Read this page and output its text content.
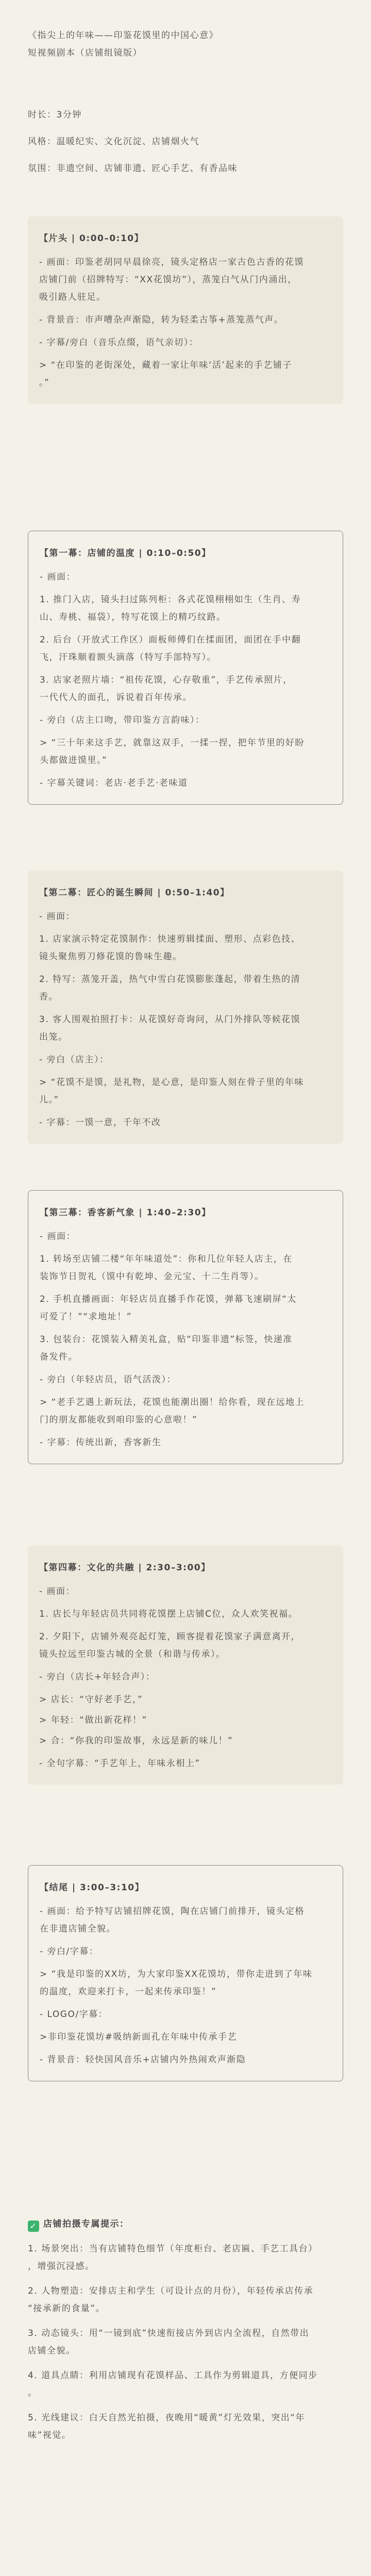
《指尖上的年味——印鉴花馍里的中国心意》

短视频剧本（店铺组镜版）

时长：3分钟

风格：温暖纪实、文化沉淀、店铺烟火气

氛围：非遗空间、店铺非遗、匠心手艺、有香品味

【片头 | 0:00–0:10】

- 画面：印鉴老胡同早晨徐亮，镜头定格店一家古色古香的花馍

店铺门前（招牌特写：“XX花馍坊”），蒸笼白气从门内涌出，

吸引路人驻足。

- 背景音：市声嘈杂声渐隐，转为轻柔古筝+蒸笼蒸气声。

- 字幕/旁白（音乐点缀，语气亲切）：

> “在印鉴的老街深处，藏着一家让年味‘活’起来的手艺铺子

。”

【第一幕：店铺的温度 | 0:10–0:50】

- 画面：

1. 推门入店，镜头扫过陈列柜：各式花馍栩栩如生（生肖、寿

山、寿桃、福袋），特写花馍上的精巧纹路。

2. 后台（开放式工作区）面板师傅们在揉面团，面团在手中翻

飞，汗珠顺着额头滴落（特写手部特写）。

3. 店家老照片墙：“祖传花馍，心存敬重”，手艺传承照片，

一代代人的面孔，诉说着百年传承。

- 旁白（店主口吻，带印鉴方言韵味）：

> “三十年来这手艺，就靠这双手，一揉一捏，把年节里的好盼

头都做进馍里。”

- 字幕关键词：老店·老手艺·老味道

【第二幕：匠心的诞生瞬间 | 0:50–1:40】

- 画面：

1. 店家演示特定花馍制作：快速剪辑揉面、塑形、点彩色技、

镜头聚焦剪刀修花馍的鲁味生趣。

2. 特写：蒸笼开盖，热气中雪白花馍膨胀蓬起，带着生热的清

香。

3. 客人围观拍照打卡：从花馍好奇询问，从门外排队等候花馍

出笼。

- 旁白（店主）：

> “花馍不是馍，是礼物，是心意，是印鉴人刻在骨子里的年味

儿。”

- 字幕：一馍一意，千年不改

【第三幕：香客新气象 | 1:40–2:30】

- 画面：

1. 转场至店铺二楼“年年味道处”：你和几位年轻人店主，在

装饰节日贺礼（馍中有乾坤、金元宝、十二生肖等）。

2. 手机直播画面：年轻店员直播手作花馍，弹幕飞速刷屏“太

可爱了！”“求地址！”

3. 包装台：花馍装入精美礼盒，贴“印鉴非遗”标签，快递准

备发件。

- 旁白（年轻店员，语气活泼）：

> “老手艺遇上新玩法，花馍也能潮出圈！给你看，现在远地上

门的朋友都能收到咱印鉴的心意啦！”

- 字幕：传统出新，香客新生

【第四幕：文化的共融 | 2:30–3:00】

- 画面：

1. 店长与年轻店员共同将花馍摆上店铺C位，众人欢笑祝福。

2. 夕阳下，店铺外观亮起灯笼，顾客提着花馍家子满意离开，

镜头拉远至印鉴古城的全景（和谐与传承）。

- 旁白（店长+年轻合声）：

> 店长：“守好老手艺，”

> 年轻：“做出新花样！”

> 合：“你我的印鉴故事，永远是新的味儿！”

- 全句字幕：“手艺年上，年味永相上”

【结尾 | 3:00–3:10】

- 画面：给予特写店铺招牌花馍，陶在店铺门前排开，镜头定格

在非遗店铺全貌。

- 旁白/字幕：

> “我是印鉴的XX坊，为大家印鉴XX花馍坊，带你走进到了年味

的温度，欢迎来打卡，一起来传承印鉴！”

- LOGO/字幕：

>非印鉴花馍坊#吸纳新面孔在年味中传承手艺

- 背景音：轻快国风音乐+店铺内外热闹欢声渐隐

✓ 店铺拍摄专属提示：

1. 场景突出：当有店铺特色细节（年度柜台、老店匾、手艺工具台）

，增强沉浸感。

2. 人物塑造：安排店主和学生（可设计点的月份），年轻传承店传承

“接承新的食量”。

3. 动态镜头：用“一镜到底”快速衔接店外到店内全流程，自然带出

店铺全貌。

4. 道具点睛：利用店铺现有花馍样品、工具作为剪辑道具，方便同步

。

5. 光线建议：白天自然光拍摄，夜晚用“暖黄”灯光效果，突出“年

味”视觉。
